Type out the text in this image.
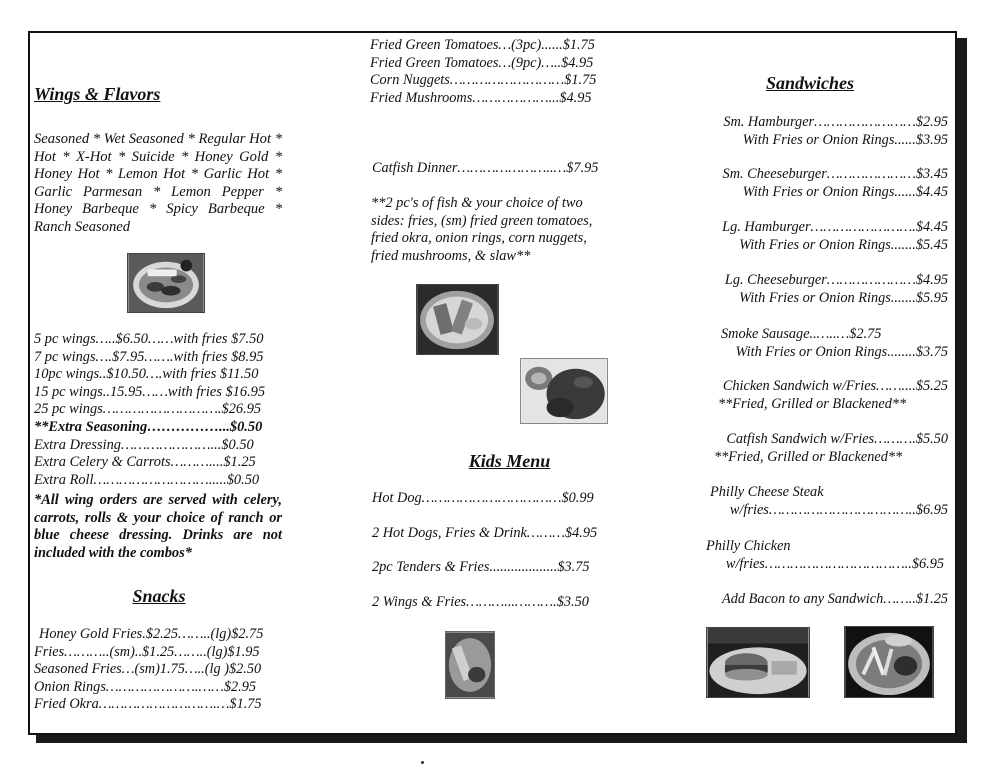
Wings & Flavors
Seasoned * Wet Seasoned * Regular Hot * Hot * X-Hot * Suicide * Honey Gold * Honey Hot * Lemon Hot * Garlic Hot * Garlic Parmesan * Lemon Pepper * Honey Barbeque * Spicy Barbeque * Ranch Seasoned
5 pc wings…..$6.50……with fries $7.50
7 pc wings….$7.95…….with fries $8.95
10pc wings..$10.50….with fries $11.50
15 pc wings..15.95……with fries $16.95
25 pc wings……………………….$26.95
**Extra Seasoning……………...$0.50
Extra Dressing…………………...$0.50
Extra Celery & Carrots………....$1.25
Extra Roll……………………….....$0.50
*All wing orders are served with celery, carrots, rolls & your choice of ranch or blue cheese dressing. Drinks are not included with the combos*
Snacks
Honey Gold Fries.$2.25……..(lg)$2.75
Fries………..(sm)..$1.25……..(lg)$1.95
Seasoned Fries…(sm)1.75…..(lg )$2.50
Onion Rings………………….……$2.95
Fried Okra……………………….…$1.75
Fried Green Tomatoes…(3pc)......$1.75
Fried Green Tomatoes…(9pc)…..$4.95
Corn Nuggets………………………$1.75
Fried Mushrooms………………...$4.95
Catfish Dinner…………………..…$7.95
**2 pc's of fish & your choice of two sides: fries, (sm) fried green tomatoes, fried okra, onion rings, corn nuggets, fried mushrooms, & slaw**
Kids Menu
Hot Dog……………………………$0.99
2 Hot Dogs, Fries & Drink………$4.95
2pc Tenders & Fries...................$3.75
2 Wings & Fries………...……….$3.50
Sandwiches
Sm. Hamburger……………………$2.95
With Fries or Onion Rings......$3.95
Sm. Cheeseburger…………………$3.45
With Fries or Onion Rings......$4.45
Lg. Hamburger…………………….$4.45
With Fries or Onion Rings.......$5.45
Lg. Cheeseburger…………………$4.95
With Fries or Onion Rings.......$5.95
Smoke Sausage..…..…$2.75
With Fries or Onion Rings........$3.75
Chicken Sandwich w/Fries……....$5.25
**Fried, Grilled or Blackened**
Catfish Sandwich w/Fries……….$5.50
**Fried, Grilled or Blackened**
Philly Cheese Steak
w/fries……………………………..$6.95
Philly Chicken
w/fries……………………………..$6.95
Add Bacon to any Sandwich……..$1.25
